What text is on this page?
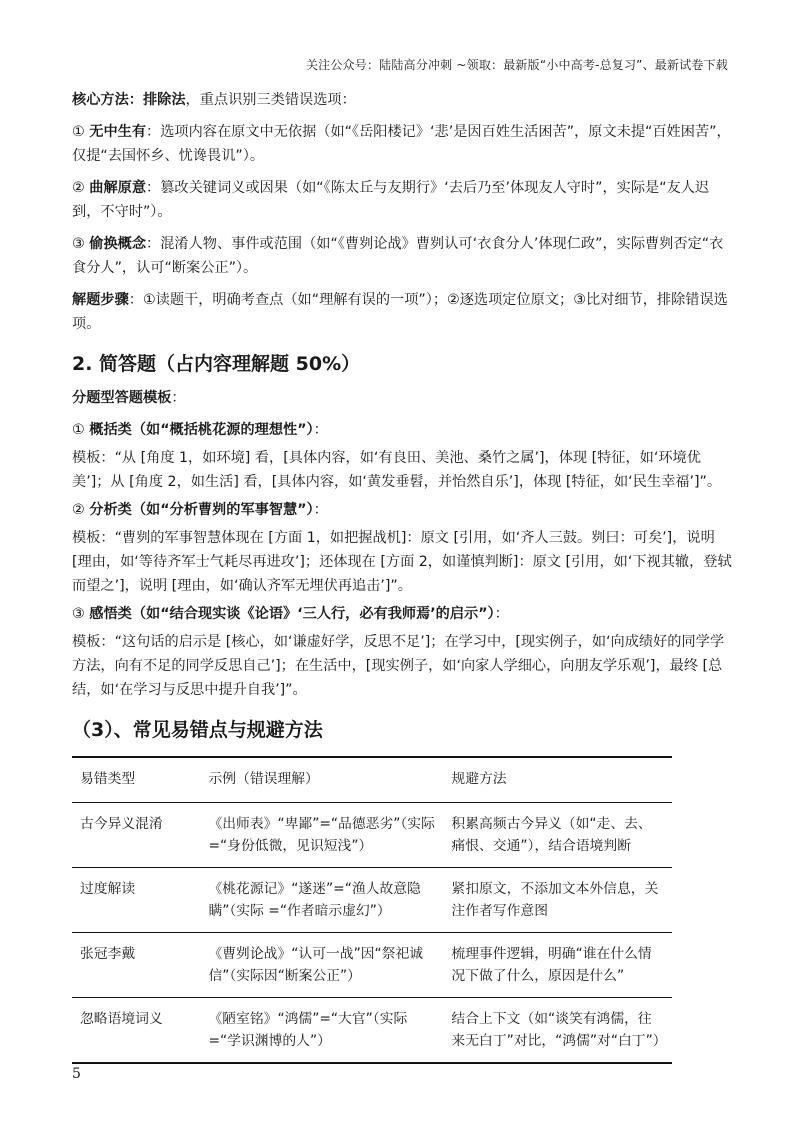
关注公众号：陆陆高分冲刺 ~领取：最新版“小中高考-总复习”、最新试卷下载

核心方法：排除法，重点识别三类错误选项：

① 无中生有：选项内容在原文中无依据（如“《岳阳楼记》‘悲’是因百姓生活困苦”，原文未提“百姓困苦”，仅提“去国怀乡、忧谗畏讥”）。

② 曲解原意：篡改关键词义或因果（如“《陈太丘与友期行》‘去后乃至’体现友人守时”，实际是“友人迟到，不守时”）。

③ 偷换概念：混淆人物、事件或范围（如“《曹刿论战》曹刿认可‘衣食分人’体现仁政”，实际曹刿否定“衣食分人”，认可“断案公正”）。

解题步骤：①读题干，明确考查点（如“理解有误的一项”）；②逐选项定位原文；③比对细节，排除错误选项。

2. 简答题（占内容理解题 50%）

分题型答题模板：

① 概括类（如“概括桃花源的理想性”）：

模板：“从 [角度 1，如环境] 看，[具体内容，如‘有良田、美池、桑竹之属’]，体现 [特征，如‘环境优美’]；从 [角度 2，如生活] 看，[具体内容，如‘黄发垂髫，并怡然自乐’]，体现 [特征，如‘民生幸福’]”。

② 分析类（如“分析曹刿的军事智慧”）：

模板：“曹刿的军事智慧体现在 [方面 1，如把握战机]：原文 [引用，如‘齐人三鼓。刿曰：可矣’]，说明 [理由，如‘等待齐军士气耗尽再进攻’]；还体现在 [方面 2，如谨慎判断]：原文 [引用，如‘下视其辙，登轼而望之’]，说明 [理由，如‘确认齐军无埋伏再追击’]”。

③ 感悟类（如“结合现实谈《论语》‘三人行，必有我师焉’的启示”）：

模板：“这句话的启示是 [核心，如‘谦虚好学，反思不足’]；在学习中，[现实例子，如‘向成绩好的同学学方法，向有不足的同学反思自己’]；在生活中，[现实例子，如‘向家人学细心，向朋友学乐观’]，最终 [总结，如‘在学习与反思中提升自我’]”。

（3）、常见易错点与规避方法
易错类型	示例（错误理解）	规避方法
古今异义混淆	《出师表》“卑鄙”=“品德恶劣”（实际 =“身份低微，见识短浅”）	积累高频古今异义（如“走、去、痛恨、交通”），结合语境判断
过度解读	《桃花源记》“遂迷”=“渔人故意隐瞒”（实际 =“作者暗示虚幻”）	紧扣原文，不添加文本外信息，关注作者写作意图
张冠李戴	《曹刿论战》“认可一战”因“祭祀诚信”（实际因“断案公正”）	梳理事件逻辑，明确“谁在什么情况下做了什么，原因是什么”
忽略语境词义	《陋室铭》“鸿儒”=“大官”（实际 =“学识渊博的人”）	结合上下文（如“谈笑有鸿儒，往来无白丁”对比，“鸿儒”对“白丁”）
5
